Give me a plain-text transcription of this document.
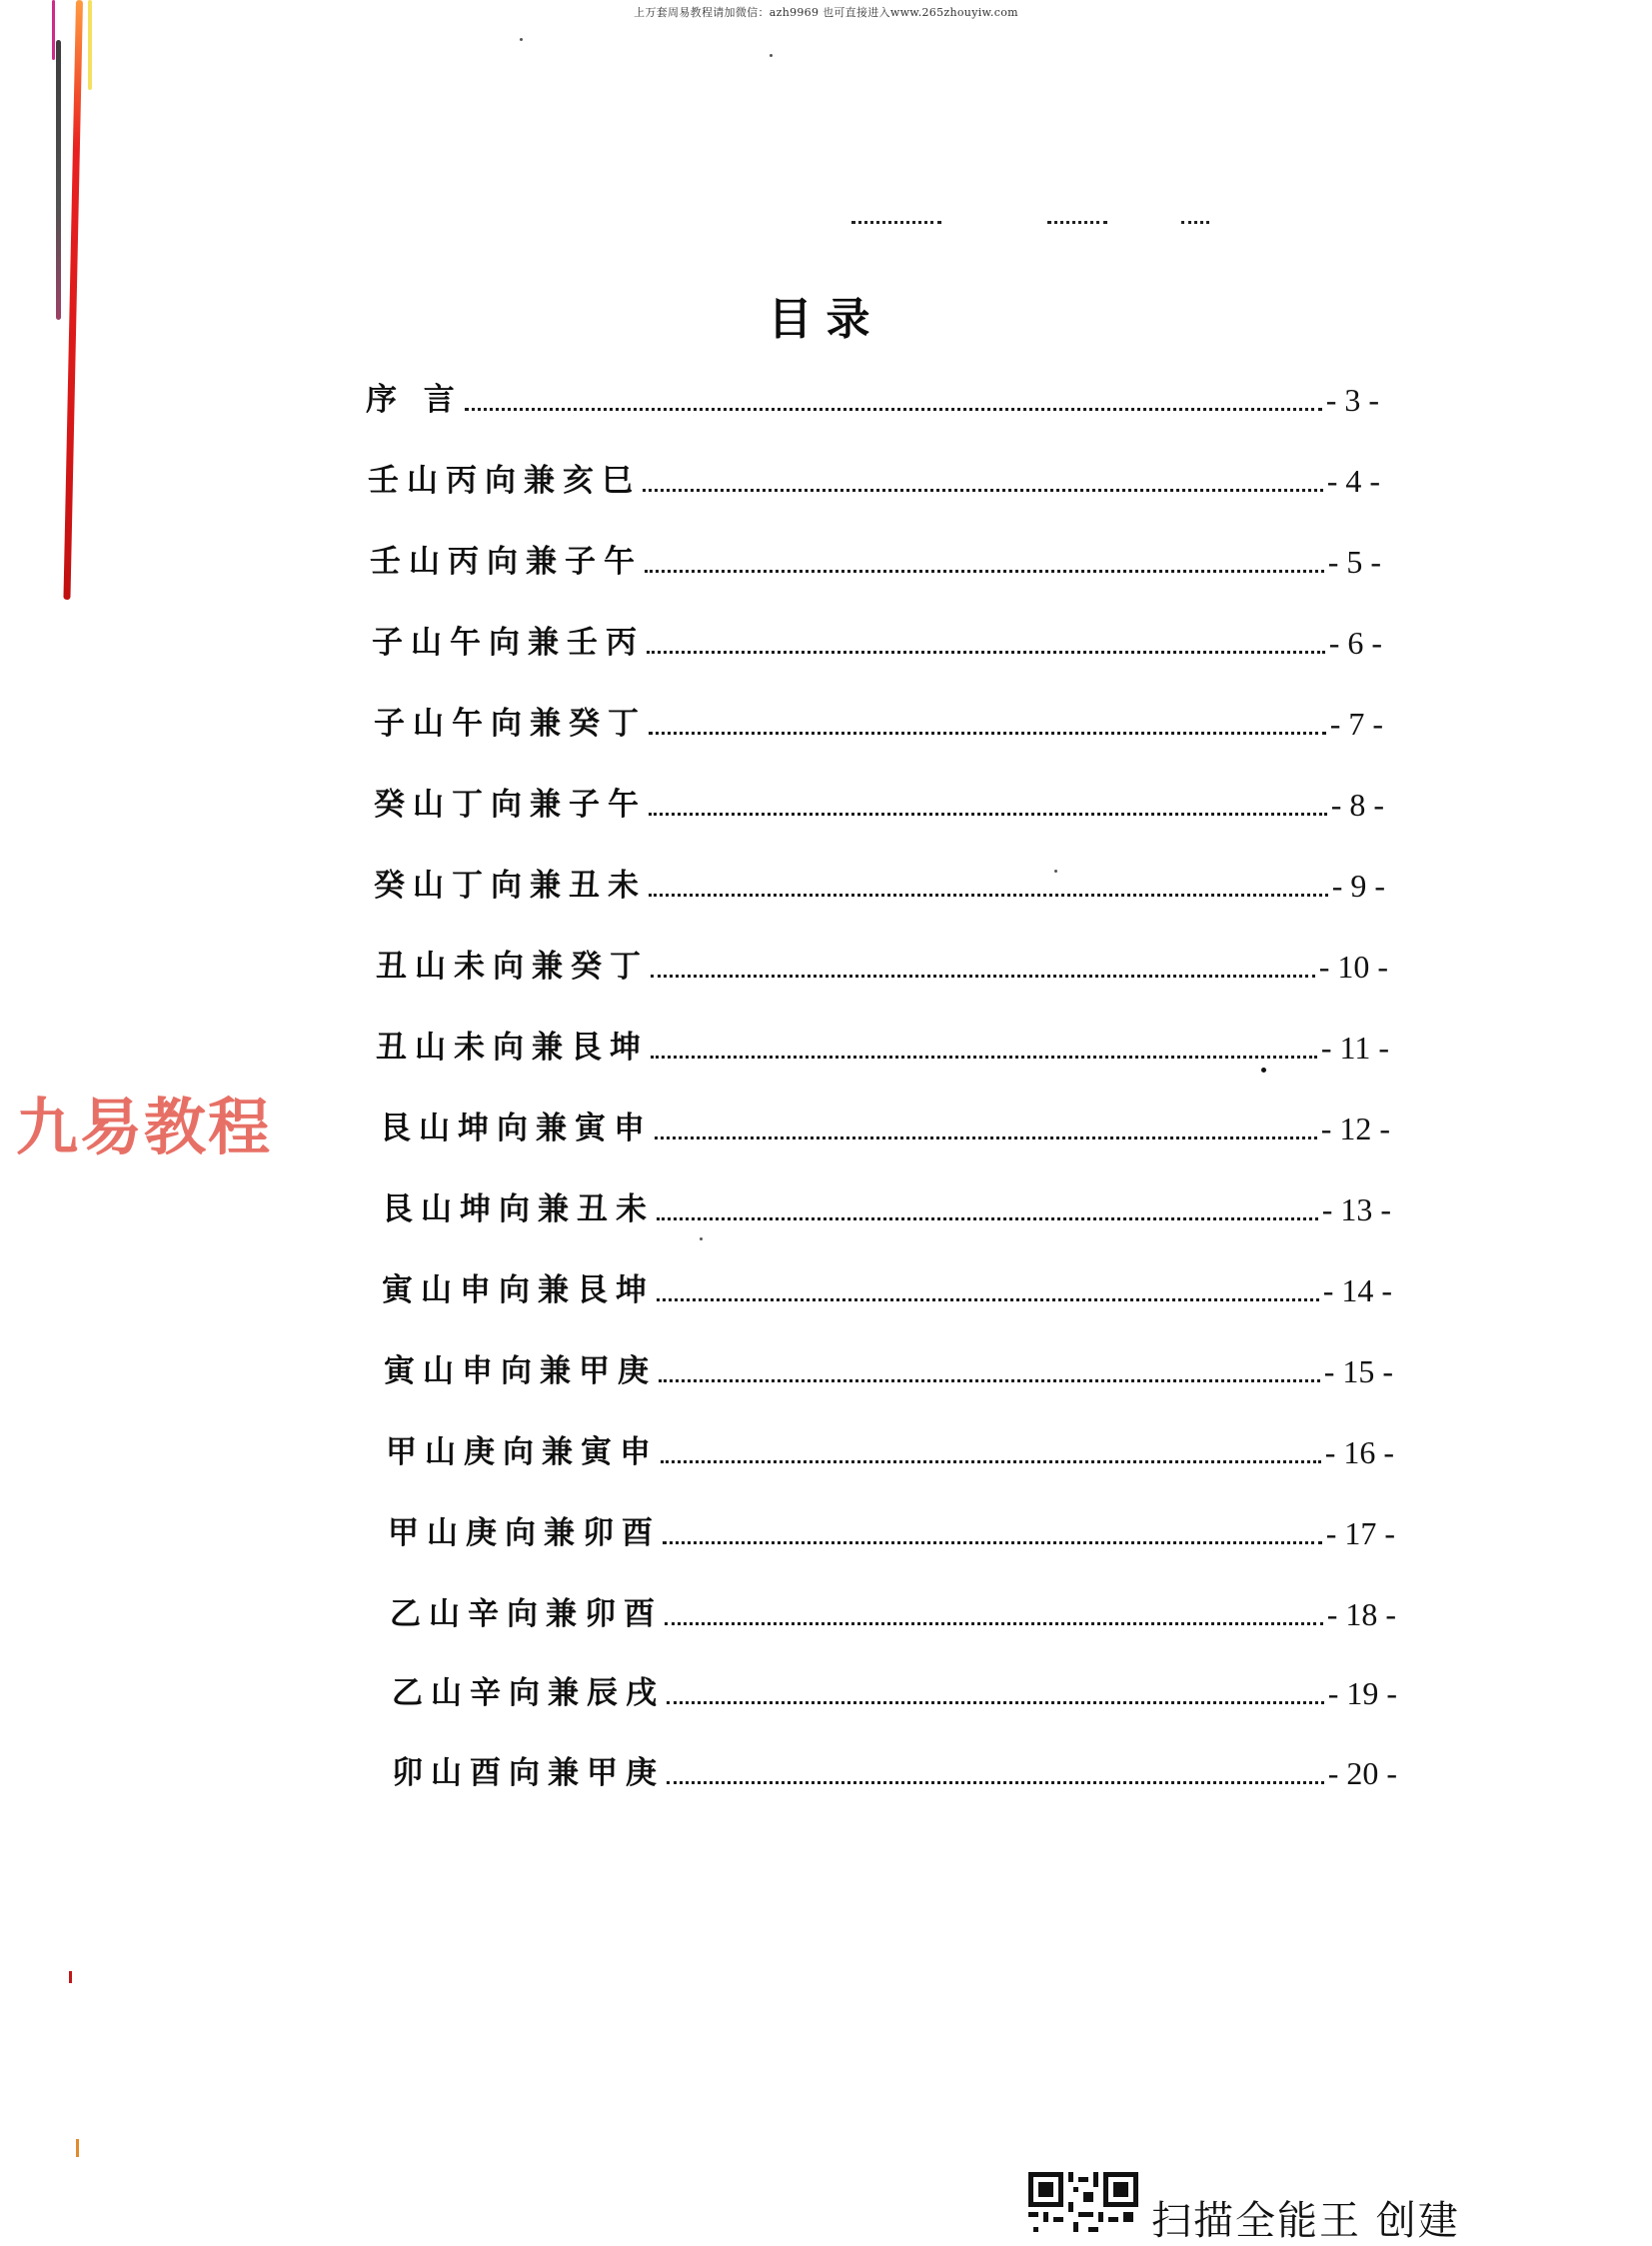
上万套周易教程请加微信：azh9969 也可直接进入www.265zhouyiw.com
目录
序 言	- 3 -
壬山丙向兼亥巳	- 4 -
壬山丙向兼子午	- 5 -
子山午向兼壬丙	- 6 -
子山午向兼癸丁	- 7 -
癸山丁向兼子午	- 8 -
癸山丁向兼丑未	- 9 -
丑山未向兼癸丁	- 10 -
丑山未向兼艮坤	- 11 -
艮山坤向兼寅申	- 12 -
艮山坤向兼丑未	- 13 -
寅山申向兼艮坤	- 14 -
寅山申向兼甲庚	- 15 -
甲山庚向兼寅申	- 16 -
甲山庚向兼卯酉	- 17 -
乙山辛向兼卯酉	- 18 -
乙山辛向兼辰戌	- 19 -
卯山酉向兼甲庚	- 20 -
九易教程
扫描全能王 创建
